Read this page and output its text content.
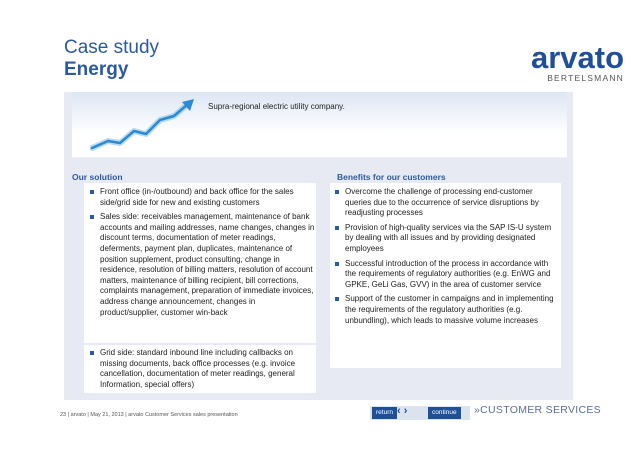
Case study
Energy	arvato
BERTELSMANN
Supra-regional electric utility company.
Our solution	Benefits for our customers
Front office (in-/outbound) and back office for the sales side/grid side for new and existing customers
Sales side: receivables management, maintenance of bank accounts and mailing addresses, name changes, changes in discount terms, documentation of meter readings, deferments, payment plan, duplicates, maintenance of position supplement, product consulting, change in residence, resolution of billing matters, resolution of account matters, maintenance of billing recipient, bill corrections, complaints management, preparation of immediate invoices, address change announcement, changes in product/supplier, customer win-back
Grid side: standard inbound line including callbacks on missing documents, back office processes (e.g. invoice cancellation, documentation of meter readings, general Information, special offers)
Overcome the challenge of processing end-customer queries due to the occurrence of service disruptions by readjusting processes
Provision of high-quality services via the SAP IS-U system by dealing with all issues and by providing designated employees
Successful introduction of the process in accordance with the requirements of regulatory authorities (e.g. EnWG and GPKE, GeLi Gas, GVV) in the area of customer service
Support of the customer in campaigns and in implementing the requirements of the regulatory authorities (e.g. unbundling), which leads to massive volume increases
23 | arvato | May 21, 2013 | arvato Customer Services sales presentation	return ‹ ›	continue	»CUSTOMER SERVICES
